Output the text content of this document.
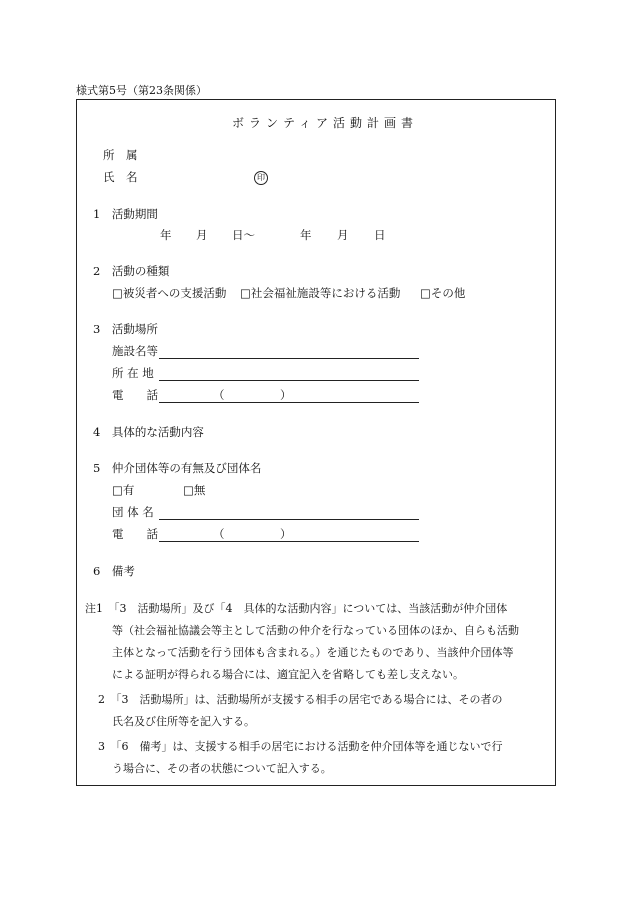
様式第5号（第23条関係）
ボランティア活動計画書
所　属
氏　名	印
1　活動期間
年 月 日〜	年 月 日
2　活動の種類
□被災者への支援活動 □社会福祉施設等における活動 □その他
3　活動場所
施設名等
所 在 地
電　　話	（	）
4　具体的な活動内容
5　仲介団体等の有無及び団体名
□有	□無
団 体 名
電　　話	（	）
6　備考
注1　「3　活動場所」及び「4　具体的な活動内容」については、当該活動が仲介団体
等（社会福祉協議会等主として活動の仲介を行なっている団体のほか、自らも活動
主体となって活動を行う団体も含まれる。）を通じたものであり、当該仲介団体等
による証明が得られる場合には、適宜記入を省略しても差し支えない。
2　「3　活動場所」は、活動場所が支援する相手の居宅である場合には、その者の
氏名及び住所等を記入する。
3　「6　備考」は、支援する相手の居宅における活動を仲介団体等を通じないで行
う場合に、その者の状態について記入する。
